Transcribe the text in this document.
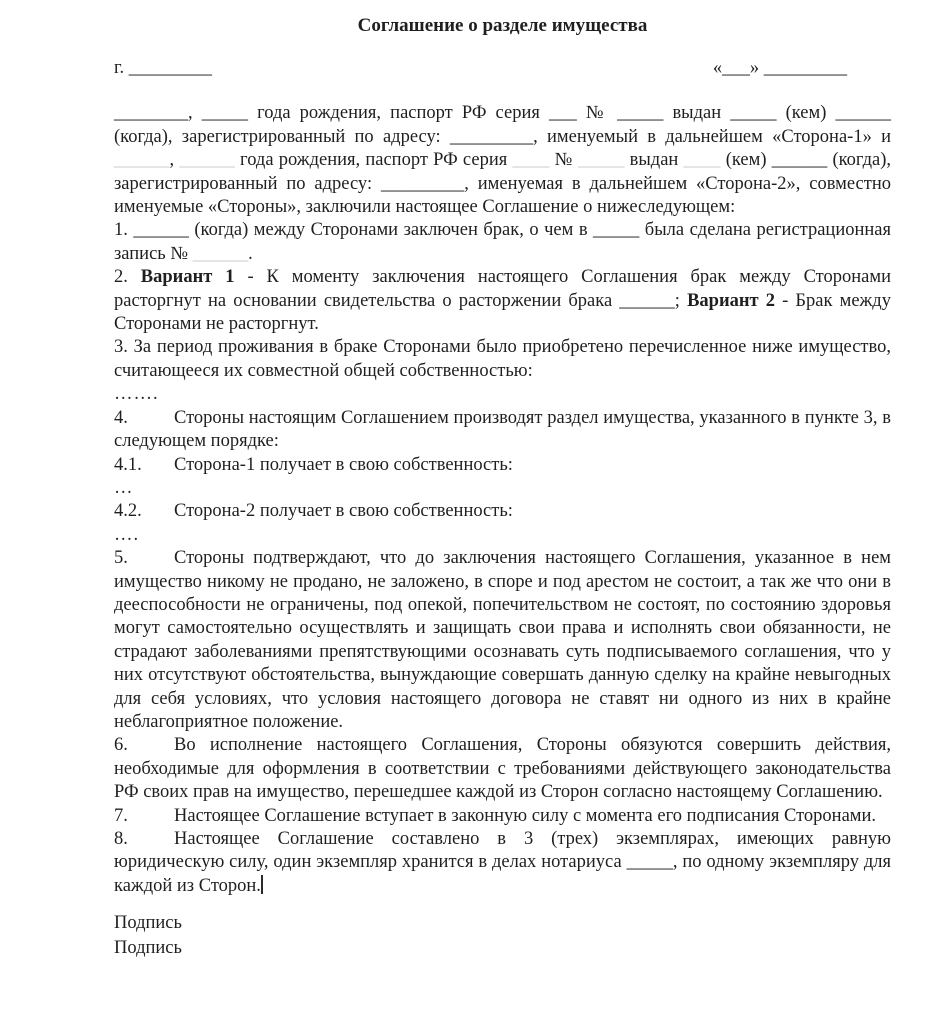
Соглашение о разделе имущества
г. _________	«___» _________

________, _____ года рождения, паспорт РФ серия ___ № _____ выдан _____ (кем) ______ (когда), зарегистрированный по адресу: _________, именуемый в дальнейшем «Сторона-1» и ______, ______ года рождения, паспорт РФ серия ____ № _____ выдан ____ (кем) ______ (когда), зарегистрированный по адресу: _________, именуемая в дальнейшем «Сторона-2», совместно именуемые «Стороны», заключили настоящее Соглашение о нижеследующем:

1. ______ (когда) между Сторонами заключен брак, о чем в _____ была сделана регистрационная запись № ______.

2. Вариант 1 - К моменту заключения настоящего Соглашения брак между Сторонами расторгнут на основании свидетельства о расторжении брака ______; Вариант 2 - Брак между Сторонами не расторгнут.

3. За период проживания в браке Сторонами было приобретено перечисленное ниже имущество, считающееся их совместной общей собственностью:

…….

4. Стороны настоящим Соглашением производят раздел имущества, указанного в пункте 3, в следующем порядке:

4.1. Сторона-1 получает в свою собственность:

…

4.2. Сторона-2 получает в свою собственность:

….

5. Стороны подтверждают, что до заключения настоящего Соглашения, указанное в нем имущество никому не продано, не заложено, в споре и под арестом не состоит, а так же что они в дееспособности не ограничены, под опекой, попечительством не состоят, по состоянию здоровья могут самостоятельно осуществлять и защищать свои права и исполнять свои обязанности, не страдают заболеваниями препятствующими осознавать суть подписываемого соглашения, что у них отсутствуют обстоятельства, вынуждающие совершать данную сделку на крайне невыгодных для себя условиях, что условия настоящего договора не ставят ни одного из них в крайне неблагоприятное положение.

6. Во исполнение настоящего Соглашения, Стороны обязуются совершить действия, необходимые для оформления в соответствии с требованиями действующего законодательства РФ своих прав на имущество, перешедшее каждой из Сторон согласно настоящему Соглашению.

7. Настоящее Соглашение вступает в законную силу с момента его подписания Сторонами.

8. Настоящее Соглашение составлено в 3 (трех) экземплярах, имеющих равную юридическую силу, один экземпляр хранится в делах нотариуса _____, по одному экземпляру для каждой из Сторон.

Подпись

Подпись
